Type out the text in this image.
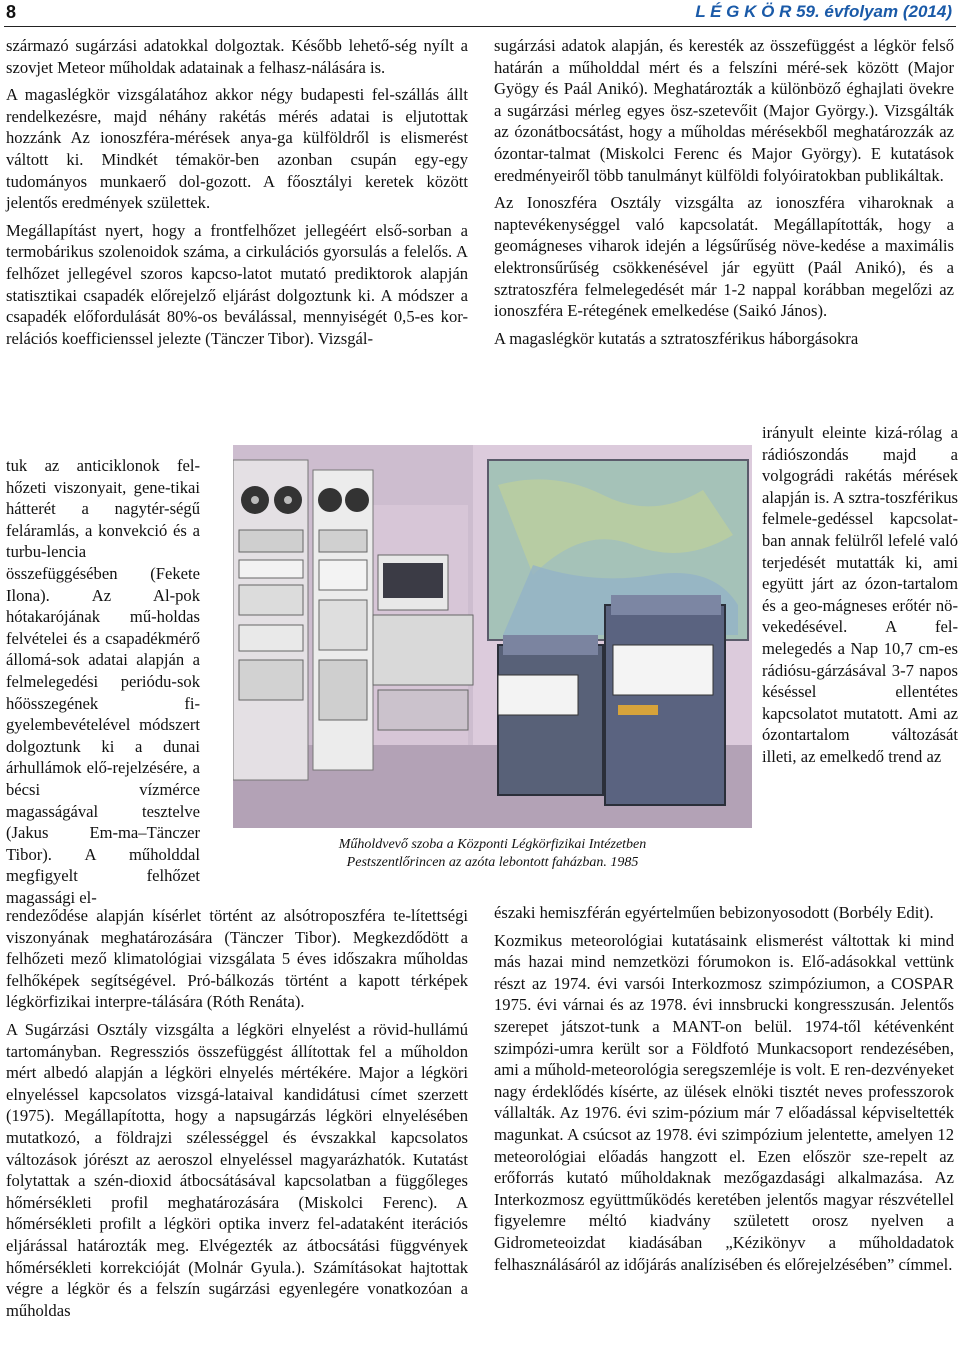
8	L É G K Ö R 59. évfolyam (2014)

származó sugárzási adatokkal dolgoztak. Később lehető-ség nyílt a szovjet Meteor műholdak adatainak a felhasz-nálására is.

A magaslégkör vizsgálatához akkor négy budapesti fel-szállás állt rendelkezésre, majd néhány rakétás mérés adatai is eljutottak hozzánk Az ionoszféra-mérések anya-ga külföldről is elismerést váltott ki. Mindkét témakör-ben azonban csupán egy-egy tudományos munkaerő dol-gozott. A főosztályi keretek között jelentős eredmények születtek.

Megállapítást nyert, hogy a frontfelhőzet jellegéért első-sorban a termobárikus szolenoidok száma, a cirkulációs gyorsulás a felelős. A felhőzet jellegével szoros kapcso-latot mutató prediktorok alapján statisztikai csapadék előrejelző eljárást dolgoztunk ki. A módszer a csapadék előfordulását 80%-os beválással, mennyiségét 0,5-es kor-relációs koefficienssel jelezte (Tänczer Tibor). Vizsgál-

tuk az anticiklonok fel-hőzeti viszonyait, gene-tikai hátterét a nagytér-ségű feláramlás, a konvekció és a turbu-lencia összefüggésében (Fekete Ilona). Az Al-pok hótakarójának mű-holdas felvételei és a csapadékmérő állomá-sok adatai alapján a felmelegedési periódu-sok hőösszegének fi-gyelembevételével módszert dolgoztunk ki a dunai árhullámok elő-rejelzésére, a bécsi vízmérce magasságával tesztelve (Jakus Em-ma–Tänczer Tibor). A műholddal megfigyelt felhőzet magassági el-

rendeződése alapján kísérlet történt az alsótroposzféra te-lítettségi viszonyának meghatározására (Tänczer Tibor). Megkezdődött a felhőzeti mező klimatológiai vizsgálata 5 éves időszakra műholdas felhőképek segítségével. Pró-bálkozás történt a kapott térképek légkörfizikai interpre-tálására (Róth Renáta).

A Sugárzási Osztály vizsgálta a légköri elnyelést a rövid-hullámú tartományban. Regressziós összefüggést állítottak fel a műholdon mért albedó alapján a légköri elnyelés mértékére. Major a légköri elnyeléssel kapcsolatos vizsgá-lataival kandidátusi címet szerzett (1975). Megállapította, hogy a napsugárzás légköri elnyelésében mutatkozó, a földrajzi szélességgel és évszakkal kapcsolatos változások jórészt az aeroszol elnyeléssel magyarázhatók. Kutatást folytattak a szén-dioxid átbocsátásával kapcsolatban a függőleges hőmérsékleti profil meghatározására (Miskolci Ferenc). A hőmérsékleti profilt a légköri optika inverz fel-adataként iterációs eljárással határozták meg. Elvégezték az átbocsátási függvények hőmérsékleti korrekcióját (Molnár Gyula.). Számításokat hajtottak végre a légkör és a felszín sugárzási egyenlegére vonatkozóan a műholdas

sugárzási adatok alapján, és keresték az összefüggést a légkör felső határán a műholddal mért és a felszíni méré-sek között (Major Gyögy és Paál Anikó). Meghatározták a különböző éghajlati övekre a sugárzási mérleg egyes ösz-szetevőit (Major György.). Vizsgálták az ózonátbocsátást, hogy a műholdas mérésekből meghatározzák az ózontar-talmat (Miskolci Ferenc és Major György). E kutatások eredményeiről több tanulmányt külföldi folyóiratokban publikáltak.

Az Ionoszféra Osztály vizsgálta az ionoszféra viharoknak a naptevékenységgel való kapcsolatát. Megállapították, hogy a geomágneses viharok idején a légsűrűség növe-kedése a maximális elektronsűrűség csökkenésével jár együtt (Paál Anikó), és a sztratoszféra felmelegedését már 1-2 nappal korábban megelőzi az ionoszféra E-rétegének emelkedése (Saikó János).

A magaslégkör kutatás a sztratoszférikus háborgásokra

irányult eleinte kizá-rólag a rádiószondás majd a volgográdi rakétás mérések alapján is. A sztra-toszférikus felmele-gedéssel kapcsolat-ban annak felülről lefelé való terjedését mutatták ki, ami együtt járt az ózon-tartalom és a geo-mágneses erőtér nö-vekedésével. A fel-melegedés a Nap 10,7 cm-es rádiósu-gárzásával 3-7 napos késéssel ellentétes kapcsolatot mutatott. Ami az ózontartalom változását illeti, az emelkedő trend az

északi hemiszférán egyértelműen bebizonyosodott (Borbély Edit).

Kozmikus meteorológiai kutatásaink elismerést váltottak ki mind más hazai mind nemzetközi fórumokon is. Elő-adásokkal vettünk részt az 1974. évi varsói Interkozmosz szimpóziumon, a COSPAR 1975. évi várnai és az 1978. évi innsbrucki kongresszusán. Jelentős szerepet játszot-tunk a MANT-on belül. 1974-től kétévenként szimpózi-umra került sor a Földfotó Munkacsoport rendezésében, ami a műhold-meteorológia seregszemléje is volt. E ren-dezvényeket nagy érdeklődés kísérte, az ülések elnöki tisztét neves professzorok vállalták. Az 1976. évi szim-pózium már 7 előadással képviseltették magunkat. A csúcsot az 1978. évi szimpózium jelentette, amelyen 12 meteorológiai előadás hangzott el. Ezen először sze-repelt az erőforrás kutató műholdaknak mezőgazdasági alkalmazása. Az Interkozmosz együttműködés keretében jelentős magyar részvétellel figyelemre méltó kiadvány született orosz nyelven a Gidrometeoizdat kiadásában „Kézikönyv a műholdadatok felhasználásáról az időjárás analízisében és előrejelzésében” címmel.

Műholdvevő szoba a Központi Légkörfizikai Intézetben
Pestszentlőrincen az azóta lebontott faházban. 1985
